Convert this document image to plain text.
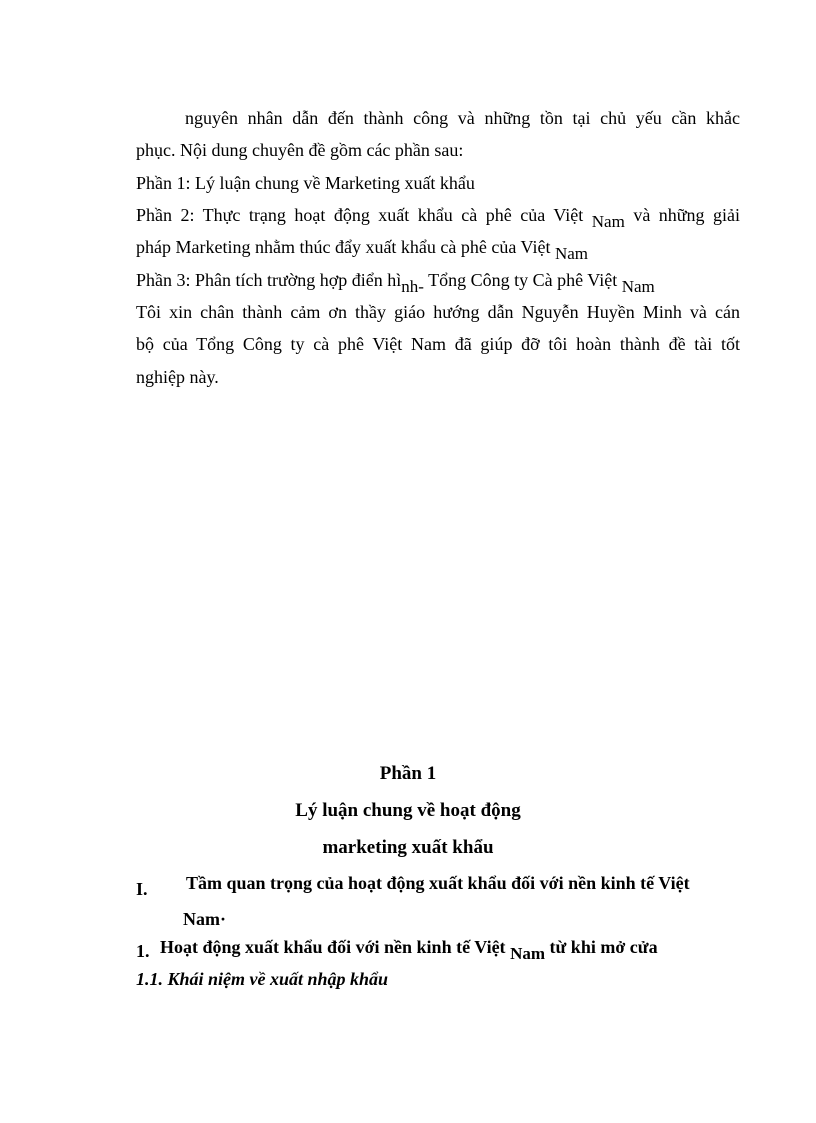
nguyên nhân dẫn đến thành công và những tồn tại chủ yếu cần khắc
phục. Nội dung chuyên đề gồm các phần sau:
Phần 1: Lý luận chung về Marketing xuất khẩu
Phần 2: Thực trạng hoạt động xuất khẩu cà phê của Việt Nam và những giải
pháp Marketing nhằm thúc đẩy xuất khẩu cà phê của Việt Nam
Phần 3: Phân tích trường hợp điển hình- Tổng Công ty Cà phê Việt Nam
Tôi xin chân thành cảm ơn thầy giáo hướng dẫn Nguyễn Huyền Minh và cán
bộ của Tổng Công ty cà phê Việt Nam đã giúp đỡ tôi hoàn thành đề tài tốt
nghiệp này.
Phần 1
Lý luận chung về hoạt động
marketing xuất khẩu
I.	Tầm quan trọng của hoạt động xuất khẩu đối với nền kinh tế Việt
Nam·
1. Hoạt động xuất khẩu đối với nền kinh tế Việt Nam từ khi mở cửa
1.1. Khái niệm về xuất nhập khẩu
